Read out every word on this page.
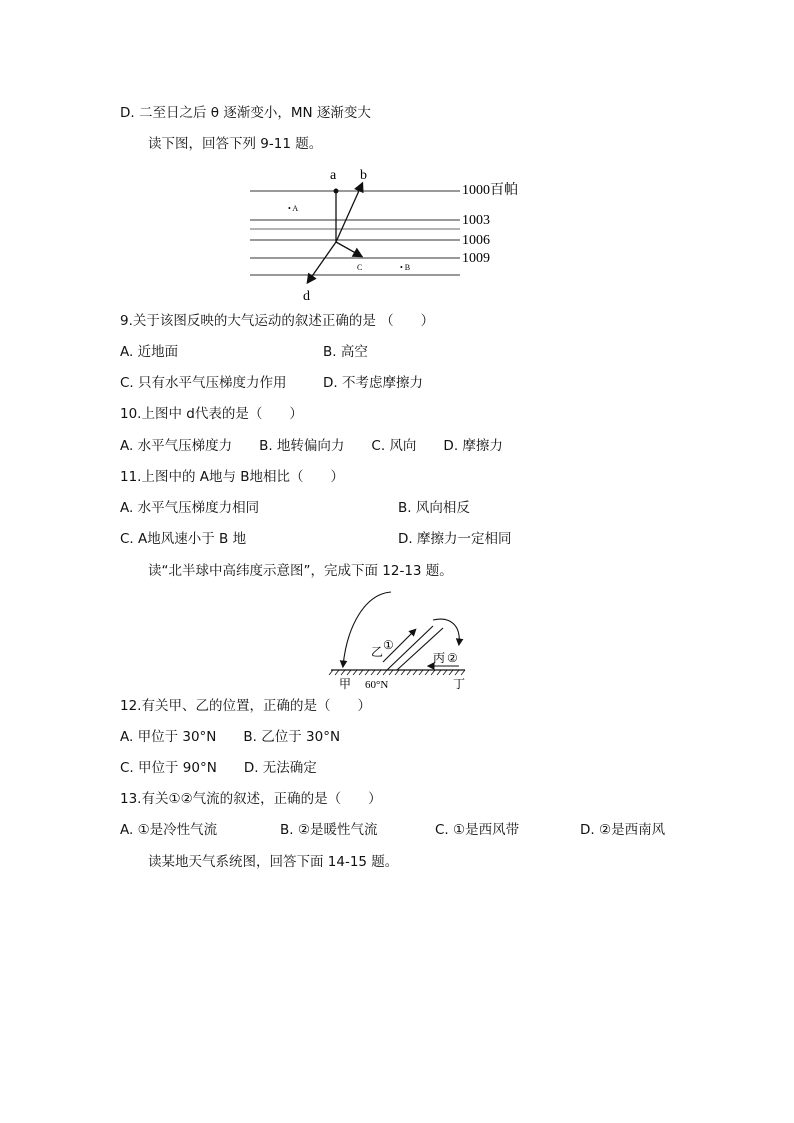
D. 二至日之后 θ 逐渐变小，MN 逐渐变大
读下图，回答下列 9-11 题。
a b
d
• A
• B
C
1000百帕
1003
1006
1009
9.关于该图反映的大气运动的叙述正确的是 （　　）
A. 近地面	B. 高空
C. 只有水平气压梯度力作用	D. 不考虑摩擦力
10.上图中 d代表的是（　　）
A. 水平气压梯度力　　B. 地转偏向力　　C. 风向　　D. 摩擦力
11.上图中的 A地与 B地相比（　　）
A. 水平气压梯度力相同	B. 风向相反
C. A地风速小于 B 地	D. 摩擦力一定相同
读“北半球中高纬度示意图”，完成下面 12-13 题。
乙 ①
丙 ②
甲 60°N	丁
12.有关甲、乙的位置，正确的是（　　）
A. 甲位于 30°N　　B. 乙位于 30°N
C. 甲位于 90°N　　D. 无法确定
13.有关①②气流的叙述，正确的是（　　）
A. ①是冷性气流	B. ②是暖性气流	C. ①是西风带	D. ②是西南风
读某地天气系统图，回答下面 14-15 题。
